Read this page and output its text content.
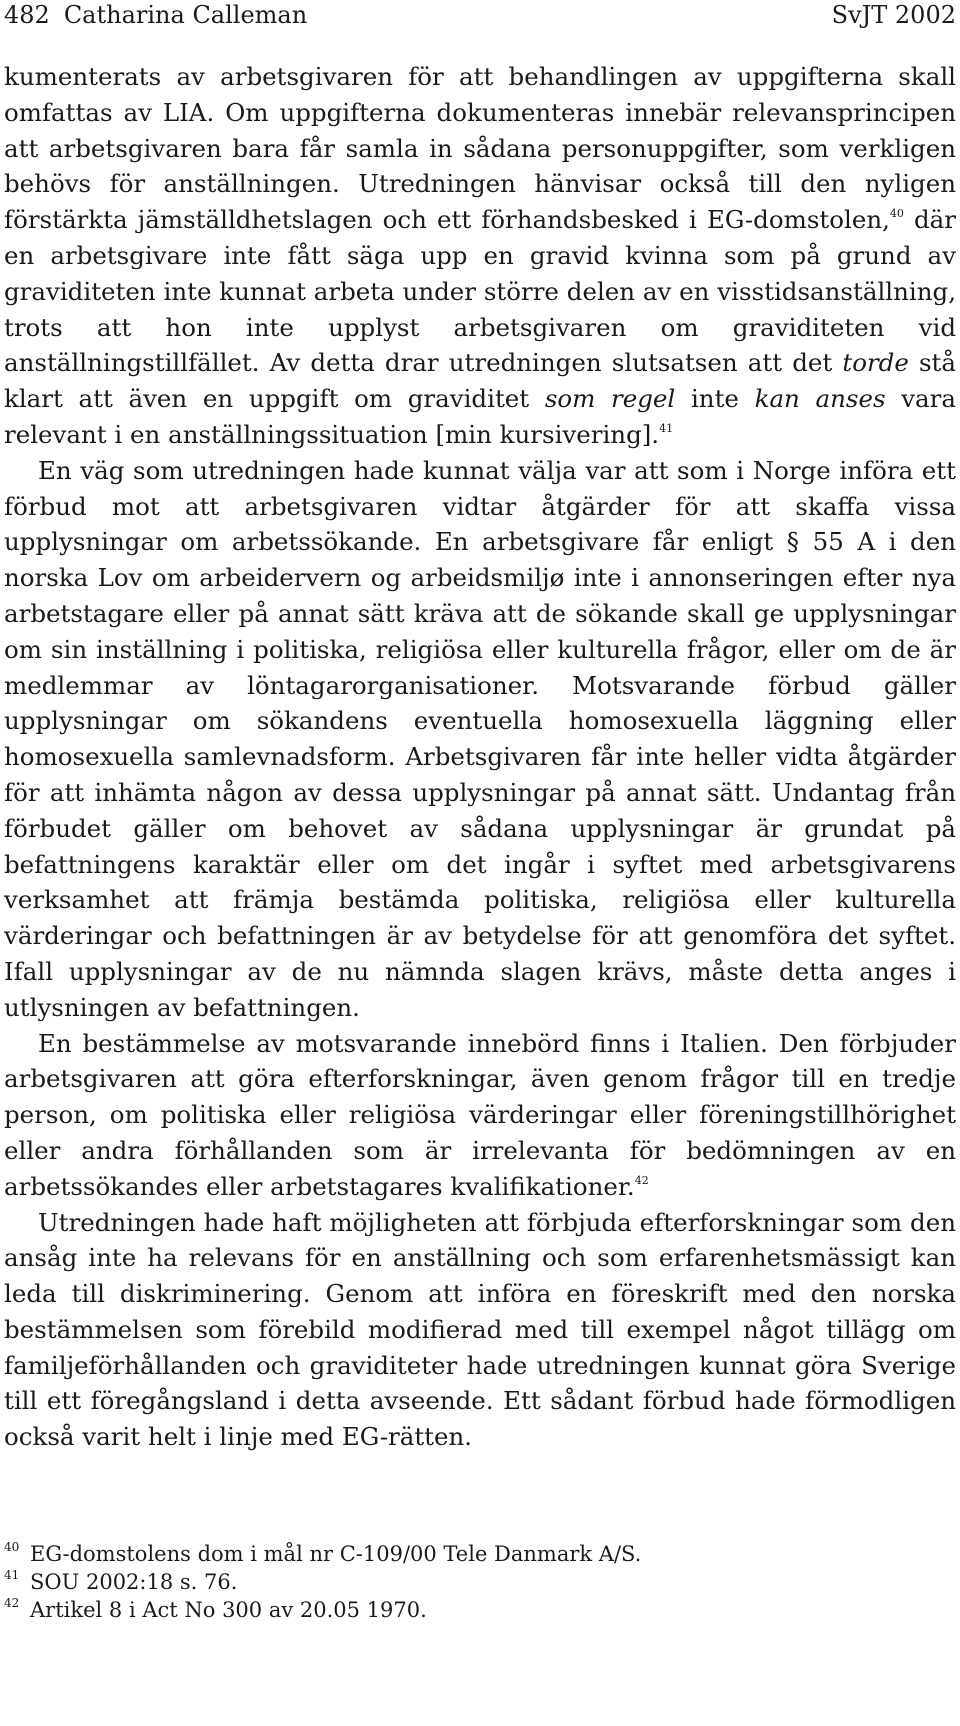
482 Catharina Calleman	SvJT 2002

kumenterats av arbetsgivaren för att behandlingen av uppgifterna skall omfattas av LIA. Om uppgifterna dokumenteras innebär relevansprincipen att arbetsgivaren bara får samla in sådana personuppgifter, som verkligen behövs för anställningen. Utredningen hänvisar också till den nyligen förstärkta jämställdhetslagen och ett förhandsbesked i EG-domstolen,$^{40}$ där en arbetsgivare inte fått säga upp en gravid kvinna som på grund av graviditeten inte kunnat arbeta under större delen av en visstidsanställning, trots att hon inte upplyst arbetsgivaren om graviditeten vid anställningstillfället. Av detta drar utredningen slutsatsen att det torde stå klart att även en uppgift om graviditet som regel inte kan anses vara relevant i en anställningssituation [min kursivering].$^{41}$

En väg som utredningen hade kunnat välja var att som i Norge införa ett förbud mot att arbetsgivaren vidtar åtgärder för att skaffa vissa upplysningar om arbetssökande. En arbetsgivare får enligt § 55 A i den norska Lov om arbeidervern og arbeidsmiljø inte i annonseringen efter nya arbetstagare eller på annat sätt kräva att de sökande skall ge upplysningar om sin inställning i politiska, religiösa eller kulturella frågor, eller om de är medlemmar av löntagarorganisationer. Motsvarande förbud gäller upplysningar om sökandens eventuella homosexuella läggning eller homosexuella samlevnadsform. Arbetsgivaren får inte heller vidta åtgärder för att inhämta någon av dessa upplysningar på annat sätt. Undantag från förbudet gäller om behovet av sådana upplysningar är grundat på befattningens karaktär eller om det ingår i syftet med arbetsgivarens verksamhet att främja bestämda politiska, religiösa eller kulturella värderingar och befattningen är av betydelse för att genomföra det syftet. Ifall upplysningar av de nu nämnda slagen krävs, måste detta anges i utlysningen av befattningen.

En bestämmelse av motsvarande innebörd finns i Italien. Den förbjuder arbetsgivaren att göra efterforskningar, även genom frågor till en tredje person, om politiska eller religiösa värderingar eller föreningstillhörighet eller andra förhållanden som är irrelevanta för bedömningen av en arbetssökandes eller arbetstagares kvalifikationer.$^{42}$

Utredningen hade haft möjligheten att förbjuda efterforskningar som den ansåg inte ha relevans för en anställning och som erfarenhetsmässigt kan leda till diskriminering. Genom att införa en föreskrift med den norska bestämmelsen som förebild modifierad med till exempel något tillägg om familjeförhållanden och graviditeter hade utredningen kunnat göra Sverige till ett föregångsland i detta avseende. Ett sådant förbud hade förmodligen också varit helt i linje med EG-rätten.

40 EG-domstolens dom i mål nr C-109/00 Tele Danmark A/S.
41 SOU 2002:18 s. 76.
42 Artikel 8 i Act No 300 av 20.05 1970.
